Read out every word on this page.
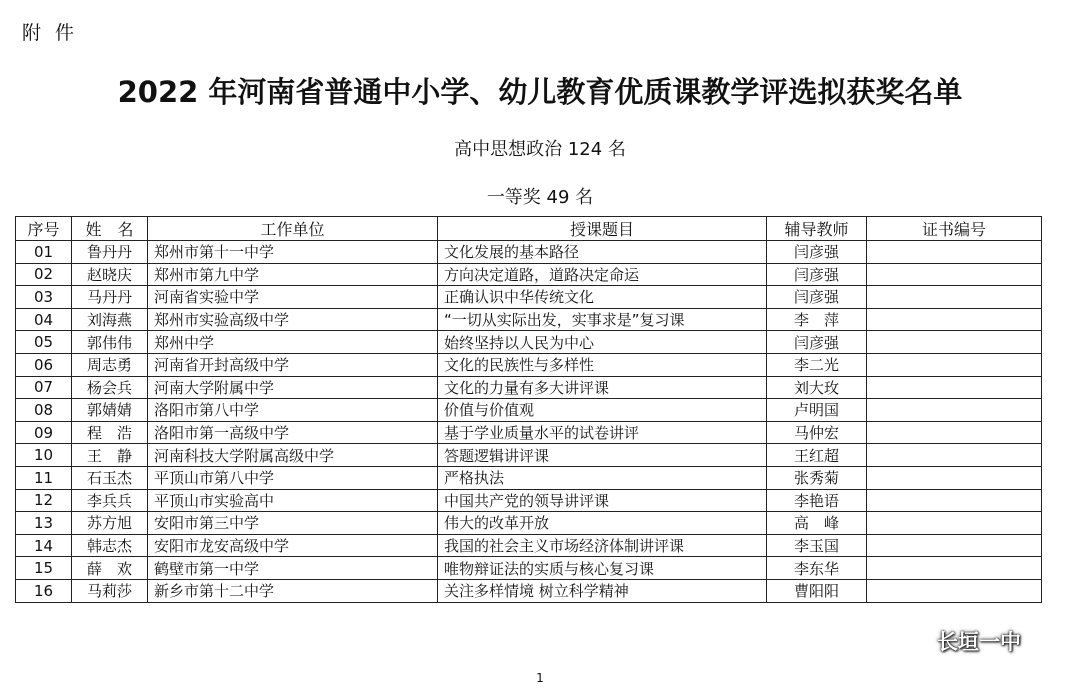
附 件
2022 年河南省普通中小学、幼儿教育优质课教学评选拟获奖名单
高中思想政治 124 名
一等奖 49 名
序号	姓　名	工作单位	授课题目	辅导教师	证书编号
01	鲁丹丹	郑州市第十一中学	文化发展的基本路径	闫彦强	
02	赵晓庆	郑州市第九中学	方向决定道路，道路决定命运	闫彦强	
03	马丹丹	河南省实验中学	正确认识中华传统文化	闫彦强	
04	刘海燕	郑州市实验高级中学	“一切从实际出发，实事求是”复习课	李　萍	
05	郭伟伟	郑州中学	始终坚持以人民为中心	闫彦强	
06	周志勇	河南省开封高级中学	文化的民族性与多样性	李二光	
07	杨会兵	河南大学附属中学	文化的力量有多大讲评课	刘大玫	
08	郭婧婧	洛阳市第八中学	价值与价值观	卢明国	
09	程　浩	洛阳市第一高级中学	基于学业质量水平的试卷讲评	马仲宏	
10	王　静	河南科技大学附属高级中学	答题逻辑讲评课	王红超	
11	石玉杰	平顶山市第八中学	严格执法	张秀菊	
12	李兵兵	平顶山市实验高中	中国共产党的领导讲评课	李艳语	
13	苏方旭	安阳市第三中学	伟大的改革开放	高　峰	
14	韩志杰	安阳市龙安高级中学	我国的社会主义市场经济体制讲评课	李玉国	
15	薛　欢	鹤壁市第一中学	唯物辩证法的实质与核心复习课	李东华	
16	马莉莎	新乡市第十二中学	关注多样情境 树立科学精神	曹阳阳	
1
长垣一中
